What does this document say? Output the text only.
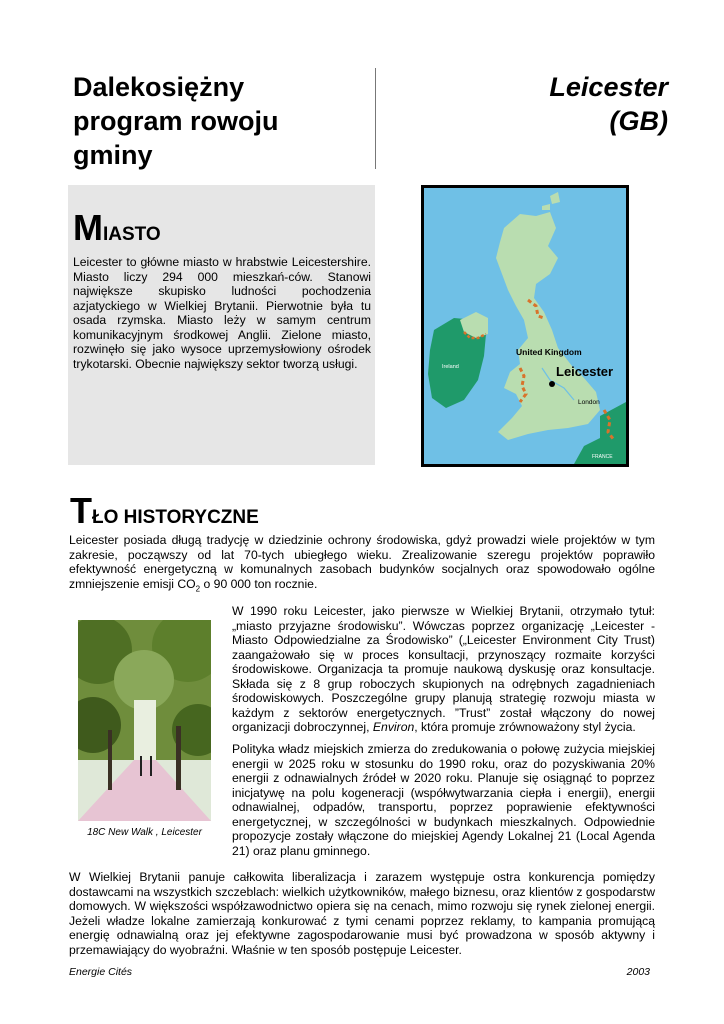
Dalekosiężny
program rowoju
gminy
Leicester
(GB)
MIASTO
Leicester to główne miasto w hrabstwie Leicestershire. Miasto liczy 294 000 mieszkań-ców. Stanowi największe skupisko ludności pochodzenia azjatyckiego w Wielkiej Brytanii. Pierwotnie była tu osada rzymska. Miasto leży w samym centrum komunikacyjnym środkowej Anglii. Zielone miasto, rozwinęło się jako wysoce uprzemysłowiony ośrodek trykotarski. Obecnie największy sektor tworzą usługi.
United Kingdom
Leicester
London
Ireland
FRANCE
TŁO HISTORYCZNE
Leicester posiada długą tradycję w dziedzinie ochrony środowiska, gdyż prowadzi wiele projektów w tym zakresie, począwszy od lat 70-tych ubiegłego wieku. Zrealizowanie szeregu projektów poprawiło efektywność energetyczną w komunalnych zasobach budynków socjalnych oraz spowodowało ogólne zmniejszenie emisji $CO_2$ o 90 000 ton rocznie.
18C New Walk , Leicester
W 1990 roku Leicester, jako pierwsze w Wielkiej Brytanii, otrzymało tytuł: „miasto przyjazne środowisku”. Wówczas poprzez organizację „Leicester - Miasto Odpowiedzialne za Środowisko” („Leicester Environment City Trust) zaangażowało się w proces konsultacji, przynoszący rozmaite korzyści środowiskowe. Organizacja ta promuje naukową dyskusję oraz konsultacje. Składa się z 8 grup roboczych skupionych na odrębnych zagadnieniach środowiskowych. Poszczególne grupy planują strategię rozwoju miasta w każdym z sektorów energetycznych. ”Trust” został włączony do nowej organizacji dobroczynnej, Environ, która promuje zrównoważony styl życia.
Polityka władz miejskich zmierza do zredukowania o połowę zużycia miejskiej energii w 2025 roku w stosunku do 1990 roku, oraz do pozyskiwania 20% energii z odnawialnych źródeł w 2020 roku. Planuje się osiągnąć to poprzez inicjatywę na polu kogeneracji (współwytwarzania ciepła i energii), energii odnawialnej, odpadów, transportu, poprzez poprawienie efektywności energetycznej, w szczególności w budynkach mieszkalnych. Odpowiednie propozycje zostały włączone do miejskiej Agendy Lokalnej 21 (Local Agenda 21) oraz planu gminnego.
W Wielkiej Brytanii panuje całkowita liberalizacja i zarazem występuje ostra konkurencja pomiędzy dostawcami na wszystkich szczeblach: wielkich użytkowników, małego biznesu, oraz klientów z gospodarstw domowych. W większości współzawodnictwo opiera się na cenach, mimo rozwoju się rynek zielonej energii. Jeżeli władze lokalne zamierzają konkurować z tymi cenami poprzez reklamy, to kampania promującą energię odnawialną oraz jej efektywne zagospodarowanie musi być prowadzona w sposób aktywny i przemawiający do wyobraźni. Właśnie w ten sposób postępuje Leicester.
Energie Cités	2003
